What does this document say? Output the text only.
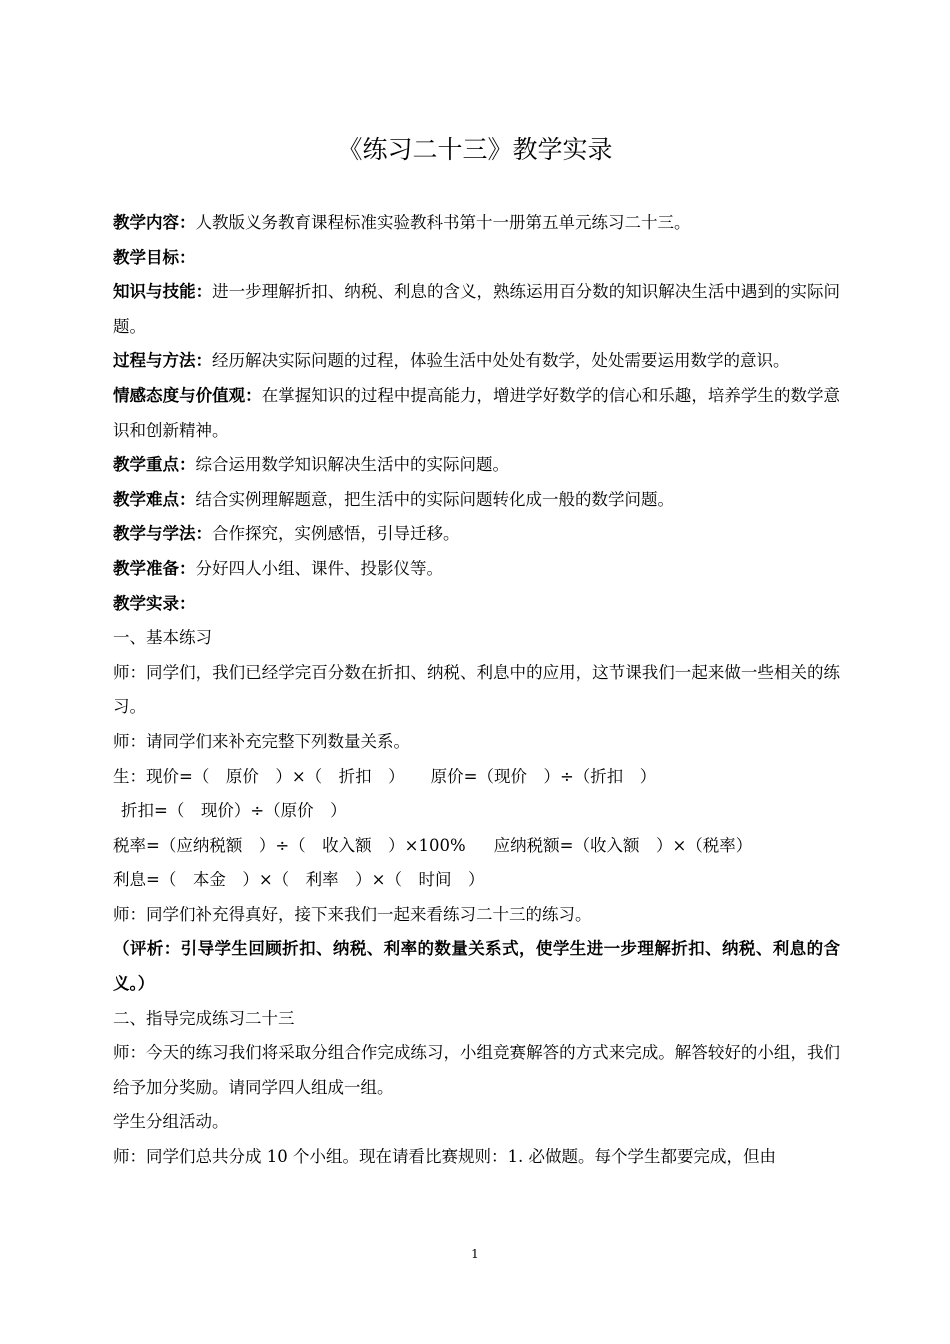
《练习二十三》教学实录
教学内容：人教版义务教育课程标准实验教科书第十一册第五单元练习二十三。
教学目标：
知识与技能：进一步理解折扣、纳税、利息的含义，熟练运用百分数的知识解决生活中遇到的实际问题。
过程与方法：经历解决实际问题的过程，体验生活中处处有数学，处处需要运用数学的意识。
情感态度与价值观：在掌握知识的过程中提高能力，增进学好数学的信心和乐趣，培养学生的数学意识和创新精神。
教学重点：综合运用数学知识解决生活中的实际问题。
教学难点：结合实例理解题意，把生活中的实际问题转化成一般的数学问题。
教学与学法：合作探究，实例感悟，引导迁移。
教学准备：分好四人小组、课件、投影仪等。
教学实录：
一、基本练习
师：同学们，我们已经学完百分数在折扣、纳税、利息中的应用，这节课我们一起来做一些相关的练习。
师：请同学们来补充完整下列数量关系。
生：现价=（　原价　）×（　折扣　） 原价=（现价　）÷（折扣　）
折扣=（　现价）÷（原价　）
税率=（应纳税额　）÷（　收入额　）×100% 应纳税额=（收入额　）×（税率）
利息=（　本金　）×（　利率　）×（　时间　）
师：同学们补充得真好，接下来我们一起来看练习二十三的练习。
（评析：引导学生回顾折扣、纳税、利率的数量关系式，使学生进一步理解折扣、纳税、利息的含义。）
二、指导完成练习二十三
师：今天的练习我们将采取分组合作完成练习，小组竞赛解答的方式来完成。解答较好的小组，我们给予加分奖励。请同学四人组成一组。
学生分组活动。
师：同学们总共分成 10 个小组。现在请看比赛规则：1. 必做题。每个学生都要完成，但由
1
